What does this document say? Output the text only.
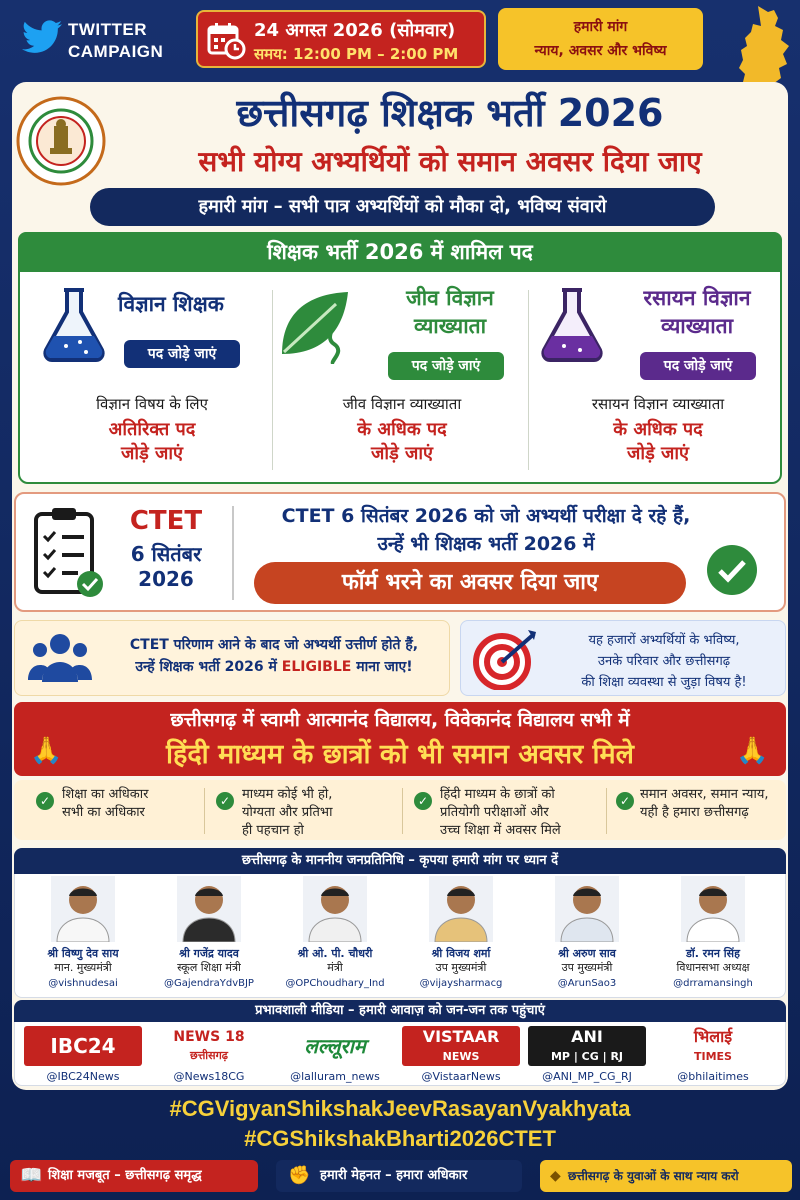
TWITTER
CAMPAIGN
24 अगस्त 2026 (सोमवार)
समय: 12:00 PM – 2:00 PM
हमारी मांग
न्याय, अवसर और भविष्य
छत्तीसगढ़ शिक्षक भर्ती 2026
सभी योग्य अभ्यर्थियों को समान अवसर दिया जाए
हमारी मांग – सभी पात्र अभ्यर्थियों को मौका दो, भविष्य संवारो
शिक्षक भर्ती 2026 में शामिल पद
विज्ञान शिक्षक
पद जोड़े जाएं
विज्ञान विषय के लिए
अतिरिक्त पद
जोड़े जाएं
जीव विज्ञान
व्याख्याता
पद जोड़े जाएं
जीव विज्ञान व्याख्याता
के अधिक पद
जोड़े जाएं
रसायन विज्ञान
व्याख्याता
पद जोड़े जाएं
रसायन विज्ञान व्याख्याता
के अधिक पद
जोड़े जाएं
CTET
6 सितंबर
2026
CTET 6 सितंबर 2026 को जो अभ्यर्थी परीक्षा दे रहे हैं,
उन्हें भी शिक्षक भर्ती 2026 में
फॉर्म भरने का अवसर दिया जाए
CTET परिणाम आने के बाद जो अभ्यर्थी उत्तीर्ण होते हैं,
उन्हें शिक्षक भर्ती 2026 में ELIGIBLE माना जाए!
यह हजारों अभ्यर्थियों के भविष्य,
उनके परिवार और छत्तीसगढ़
की शिक्षा व्यवस्था से जुड़ा विषय है!
छत्तीसगढ़ में स्वामी आत्मानंद विद्यालय, विवेकानंद विद्यालय सभी में
हिंदी माध्यम के छात्रों को भी समान अवसर मिले
🙏	🙏
✓ शिक्षा का अधिकार
सभी का अधिकार
✓ माध्यम कोई भी हो,
योग्यता और प्रतिभा
ही पहचान हो
✓ हिंदी माध्यम के छात्रों को
प्रतियोगी परीक्षाओं और
उच्च शिक्षा में अवसर मिले
✓ समान अवसर, समान न्याय,
यही है हमारा छत्तीसगढ़
छत्तीसगढ़ के माननीय जनप्रतिनिधि – कृपया हमारी मांग पर ध्यान दें
श्री विष्णु देव साय
मान. मुख्यमंत्री
@vishnudesai
श्री गजेंद्र यादव
स्कूल शिक्षा मंत्री
@GajendraYdvBJP
श्री ओ. पी. चौधरी
मंत्री
@OPChoudhary_Ind
श्री विजय शर्मा
उप मुख्यमंत्री
@vijaysharmacg
श्री अरुण साव
उप मुख्यमंत्री
@ArunSao3
डॉ. रमन सिंह
विधानसभा अध्यक्ष
@drramansingh
प्रभावशाली मीडिया – हमारी आवाज़ को जन-जन तक पहुंचाएं
IBC24
@IBC24News
NEWS 18
छत्तीसगढ़
@News18CG
लल्लूराम
@lalluram_news
VISTAAR
NEWS
@VistaarNews
ANI
MP | CG | RJ
@ANI_MP_CG_RJ
भिलाई
TIMES
@bhilaitimes
#CGVigyanShikshakJeevRasayanVyakhyata
#CGShikshakBharti2026CTET
📖 शिक्षा मजबूत – छत्तीसगढ़ समृद्ध	✊ हमारी मेहनत – हमारा अधिकार	◆ छत्तीसगढ़ के युवाओं के साथ न्याय करो
